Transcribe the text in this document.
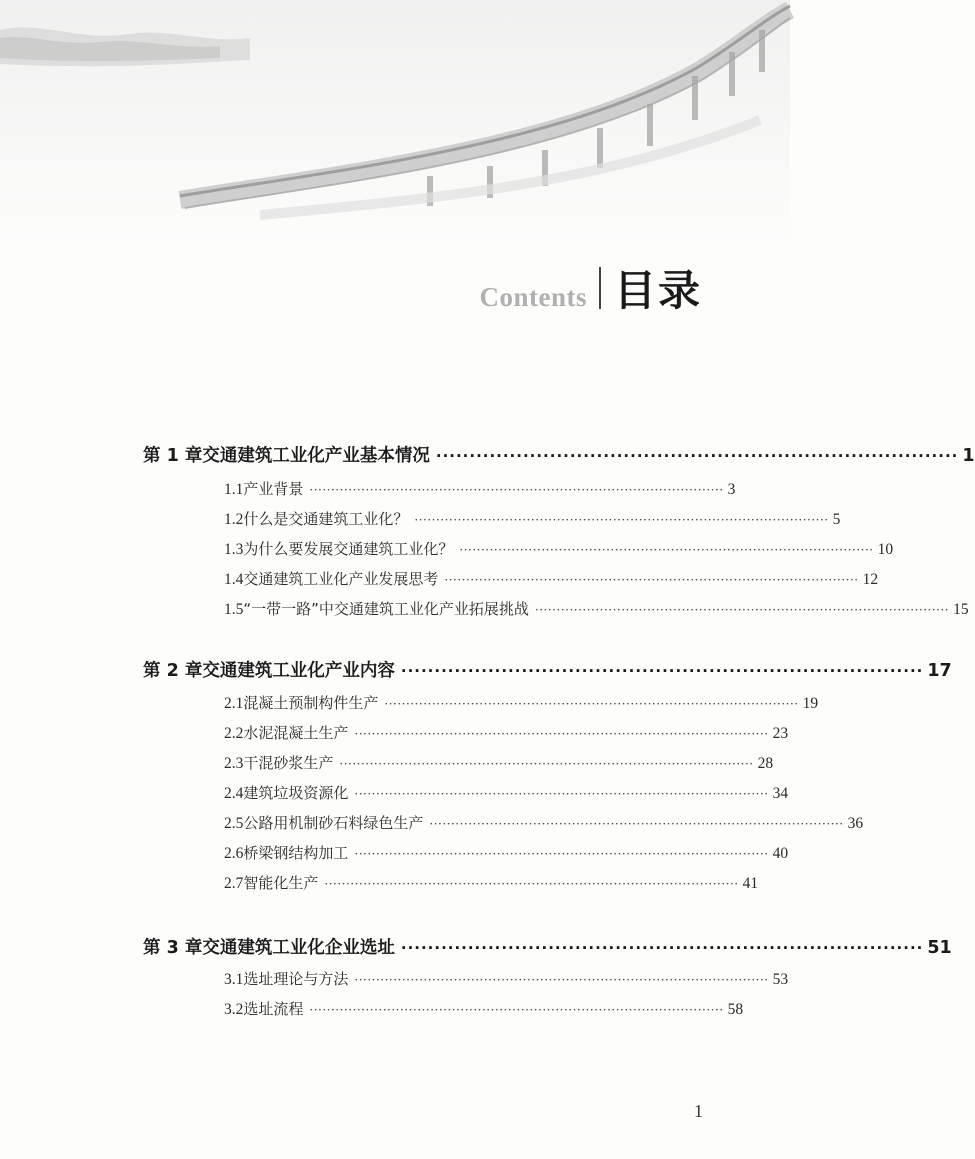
Contents 目录
第 1 章 交通建筑工业化产业基本情况 ·············································································· 1
1.1 产业背景 ································································································ 3
1.2 什么是交通建筑工业化？ ································································································ 5
1.3 为什么要发展交通建筑工业化？ ································································································ 10
1.4 交通建筑工业化产业发展思考 ································································································ 12
1.5 “一带一路”中交通建筑工业化产业拓展挑战 ································································································ 15
第 2 章 交通建筑工业化产业内容 ·············································································· 17
2.1 混凝土预制构件生产 ································································································ 19
2.2 水泥混凝土生产 ································································································ 23
2.3 干混砂浆生产 ································································································ 28
2.4 建筑垃圾资源化 ································································································ 34
2.5 公路用机制砂石料绿色生产 ································································································ 36
2.6 桥梁钢结构加工 ································································································ 40
2.7 智能化生产 ································································································ 41
第 3 章 交通建筑工业化企业选址 ·············································································· 51
3.1 选址理论与方法 ································································································ 53
3.2 选址流程 ································································································ 58
1
